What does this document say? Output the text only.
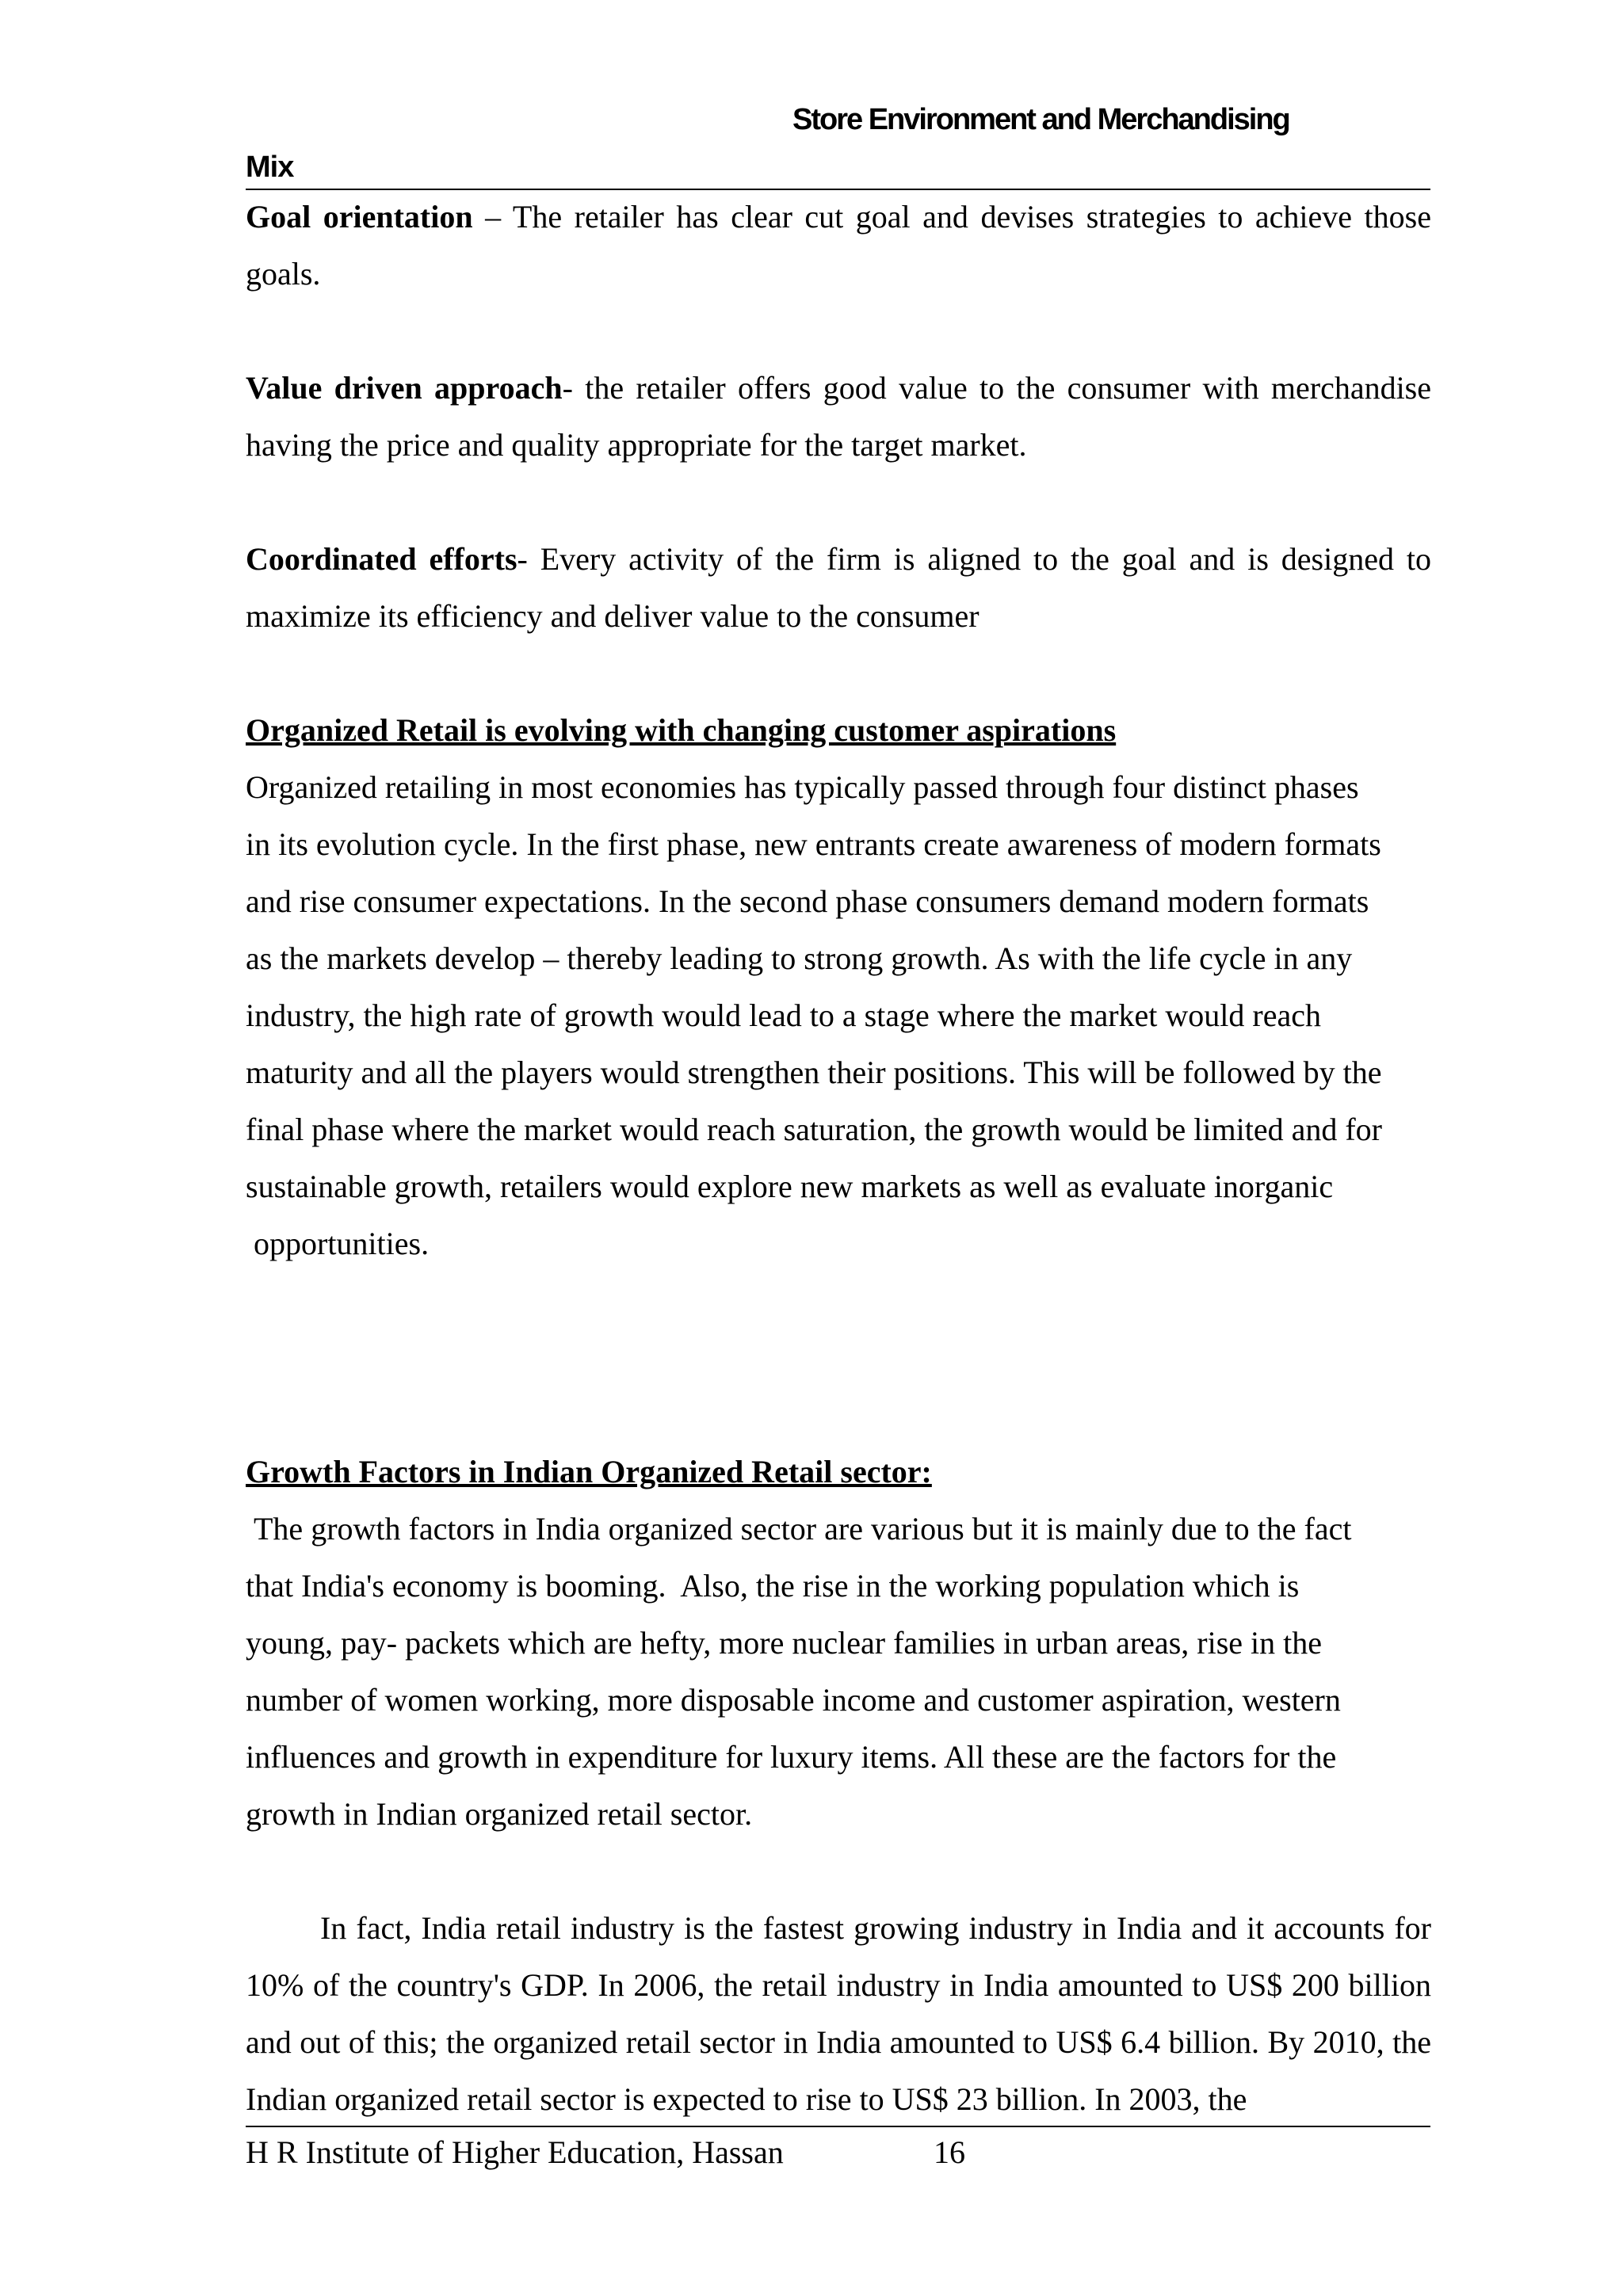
Store Environment and Merchandising
Mix

Goal orientation – The retailer has clear cut goal and devises strategies to achieve those goals.

Value driven approach- the retailer offers good value to the consumer with merchandise having the price and quality appropriate for the target market.

Coordinated efforts- Every activity of the firm is aligned to the goal and is designed to maximize its efficiency and deliver value to the consumer

Organized Retail is evolving with changing customer aspirations

Organized retailing in most economies has typically passed through four distinct phases
in its evolution cycle. In the first phase, new entrants create awareness of modern formats
and rise consumer expectations. In the second phase consumers demand modern formats
as the markets develop – thereby leading to strong growth. As with the life cycle in any
industry, the high rate of growth would lead to a stage where the market would reach
maturity and all the players would strengthen their positions. This will be followed by the
final phase where the market would reach saturation, the growth would be limited and for
sustainable growth, retailers would explore new markets as well as evaluate inorganic
opportunities.

Growth Factors in Indian Organized Retail sector:

The growth factors in India organized sector are various but it is mainly due to the fact
that India's economy is booming.  Also, the rise in the working population which is
young, pay- packets which are hefty, more nuclear families in urban areas, rise in the
number of women working, more disposable income and customer aspiration, western
influences and growth in expenditure for luxury items. All these are the factors for the
growth in Indian organized retail sector.

In fact, India retail industry is the fastest growing industry in India and it accounts for 10% of the country's GDP. In 2006, the retail industry in India amounted to US$ 200 billion and out of this; the organized retail sector in India amounted to US$ 6.4 billion. By 2010, the Indian organized retail sector is expected to rise to US$ 23 billion. In 2003, the

H R Institute of Higher Education, Hassan	16
